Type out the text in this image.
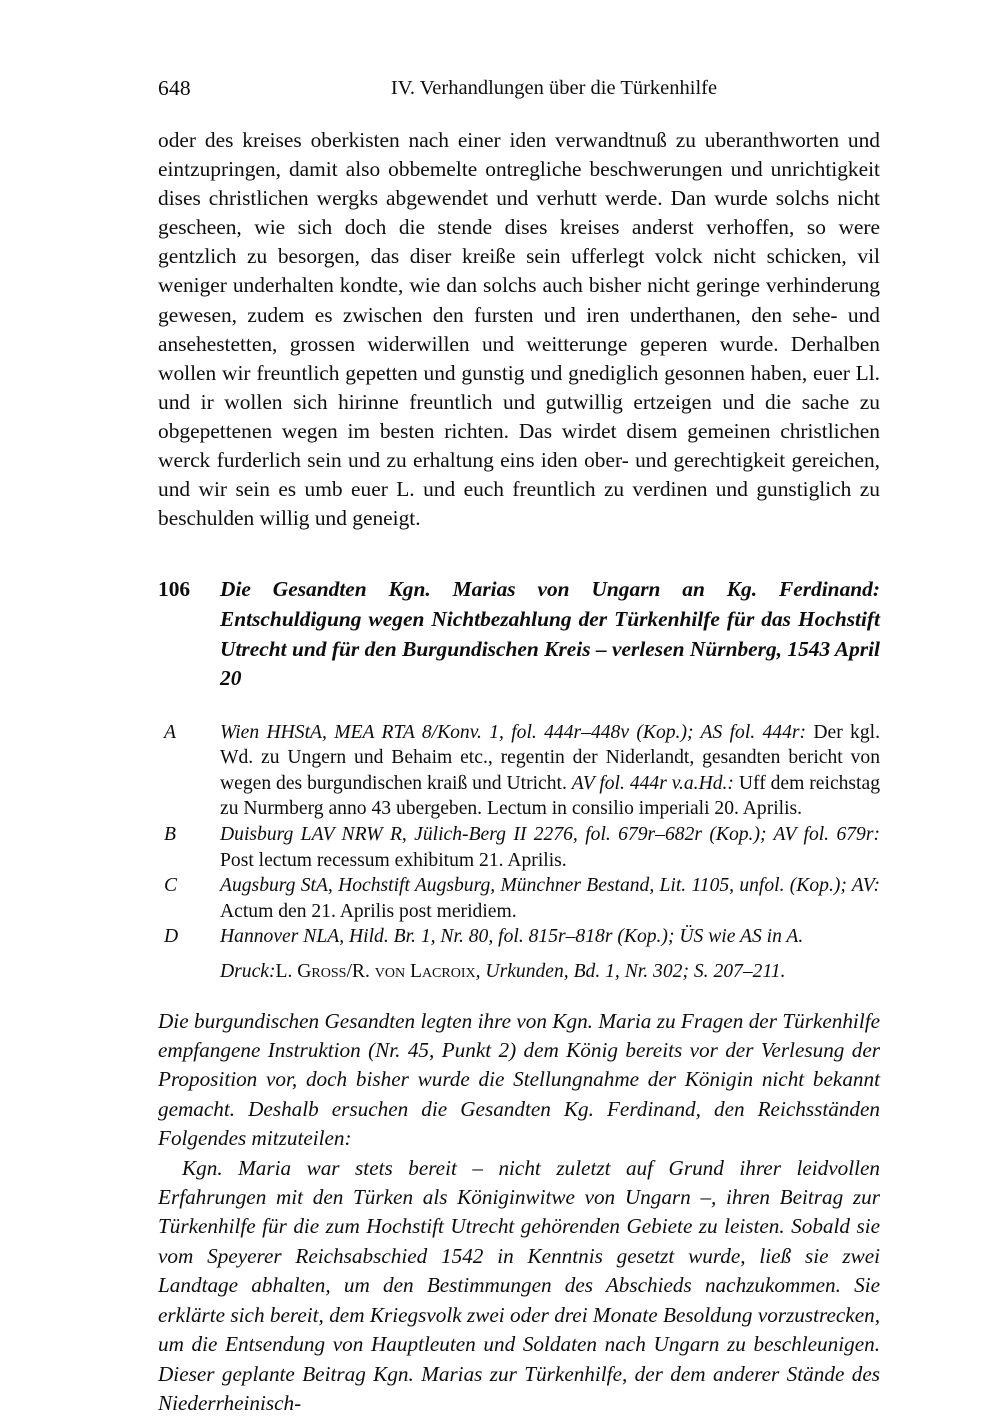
648	IV. Verhandlungen über die Türkenhilfe

oder des kreises oberkisten nach einer iden verwandtnuß zu uberanthworten und eintzupringen, damit also obbemelte ontregliche beschwerungen und unrichtigkeit dises christlichen wergks abgewendet und verhutt werde. Dan wurde solchs nicht gescheen, wie sich doch die stende dises kreises anderst verhoffen, so were gentzlich zu besorgen, das diser kreiße sein ufferlegt volck nicht schicken, vil weniger underhalten kondte, wie dan solchs auch bisher nicht geringe verhinderung gewesen, zudem es zwischen den fursten und iren underthanen, den sehe- und ansehestetten, grossen widerwillen und weitterunge geperen wurde. Derhalben wollen wir freuntlich gepetten und gunstig und gnediglich gesonnen haben, euer Ll. und ir wollen sich hirinne freuntlich und gutwillig ertzeigen und die sache zu obgepettenen wegen im besten richten. Das wirdet disem gemeinen christlichen werck furderlich sein und zu erhaltung eins iden ober- und gerechtigkeit gereichen, und wir sein es umb euer L. und euch freuntlich zu verdinen und gunstiglich zu beschulden willig und geneigt.

106 Die Gesandten Kgn. Marias von Ungarn an Kg. Ferdinand: Entschuldigung wegen Nichtbezahlung der Türkenhilfe für das Hochstift Utrecht und für den Burgundischen Kreis – verlesen Nürnberg, 1543 April 20
A Wien HHStA, MEA RTA 8/Konv. 1, fol. 444r–448v (Kop.); AS fol. 444r: Der kgl. Wd. zu Ungern und Behaim etc., regentin der Niderlandt, gesandten bericht von wegen des burgundischen kraiß und Utricht. AV fol. 444r v.a.Hd.: Uff dem reichstag zu Nurmberg anno 43 ubergeben. Lectum in consilio imperiali 20. Aprilis.
B Duisburg LAV NRW R, Jülich-Berg II 2276, fol. 679r–682r (Kop.); AV fol. 679r: Post lectum recessum exhibitum 21. Aprilis.
C Augsburg StA, Hochstift Augsburg, Münchner Bestand, Lit. 1105, unfol. (Kop.); AV: Actum den 21. Aprilis post meridiem.
D Hannover NLA, Hild. Br. 1, Nr. 80, fol. 815r–818r (Kop.); ÜS wie AS in A.
Druck:L. Groß/R. von Lacroix, Urkunden, Bd. 1, Nr. 302; S. 207–211.

Die burgundischen Gesandten legten ihre von Kgn. Maria zu Fragen der Türkenhilfe empfangene Instruktion (Nr. 45, Punkt 2) dem König bereits vor der Verlesung der Proposition vor, doch bisher wurde die Stellungnahme der Königin nicht bekannt gemacht. Deshalb ersuchen die Gesandten Kg. Ferdinand, den Reichsständen Folgendes mitzuteilen:

Kgn. Maria war stets bereit – nicht zuletzt auf Grund ihrer leidvollen Erfahrungen mit den Türken als Königinwitwe von Ungarn –, ihren Beitrag zur Türkenhilfe für die zum Hochstift Utrecht gehörenden Gebiete zu leisten. Sobald sie vom Speyerer Reichsabschied 1542 in Kenntnis gesetzt wurde, ließ sie zwei Landtage abhalten, um den Bestimmungen des Abschieds nachzukommen. Sie erklärte sich bereit, dem Kriegsvolk zwei oder drei Monate Besoldung vorzustrecken, um die Entsendung von Hauptleuten und Soldaten nach Ungarn zu beschleunigen. Dieser geplante Beitrag Kgn. Marias zur Türkenhilfe, der dem anderer Stände des Niederrheinisch-
